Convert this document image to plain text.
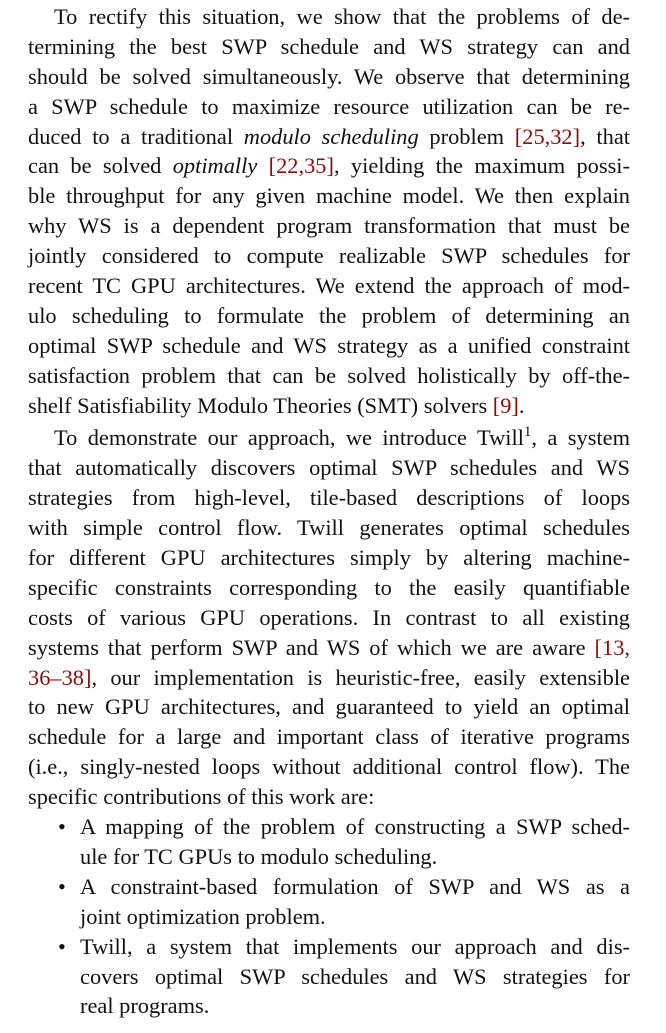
To rectify this situation, we show that the problems of de-
termining the best SWP schedule and WS strategy can and
should be solved simultaneously. We observe that determining
a SWP schedule to maximize resource utilization can be re-
duced to a traditional modulo scheduling problem [25,32], that
can be solved optimally [22,35], yielding the maximum possi-
ble throughput for any given machine model. We then explain
why WS is a dependent program transformation that must be
jointly considered to compute realizable SWP schedules for
recent TC GPU architectures. We extend the approach of mod-
ulo scheduling to formulate the problem of determining an
optimal SWP schedule and WS strategy as a unified constraint
satisfaction problem that can be solved holistically by off-the-
shelf Satisfiability Modulo Theories (SMT) solvers [9].
To demonstrate our approach, we introduce Twill$^1$, a system
that automatically discovers optimal SWP schedules and WS
strategies from high-level, tile-based descriptions of loops
with simple control flow. Twill generates optimal schedules
for different GPU architectures simply by altering machine-
specific constraints corresponding to the easily quantifiable
costs of various GPU operations. In contrast to all existing
systems that perform SWP and WS of which we are aware [13,
36–38], our implementation is heuristic-free, easily extensible
to new GPU architectures, and guaranteed to yield an optimal
schedule for a large and important class of iterative programs
(i.e., singly-nested loops without additional control flow). The
specific contributions of this work are:
• A mapping of the problem of constructing a SWP sched-
ule for TC GPUs to modulo scheduling.
• A constraint-based formulation of SWP and WS as a
joint optimization problem.
• Twill, a system that implements our approach and dis-
covers optimal SWP schedules and WS strategies for
real programs.
